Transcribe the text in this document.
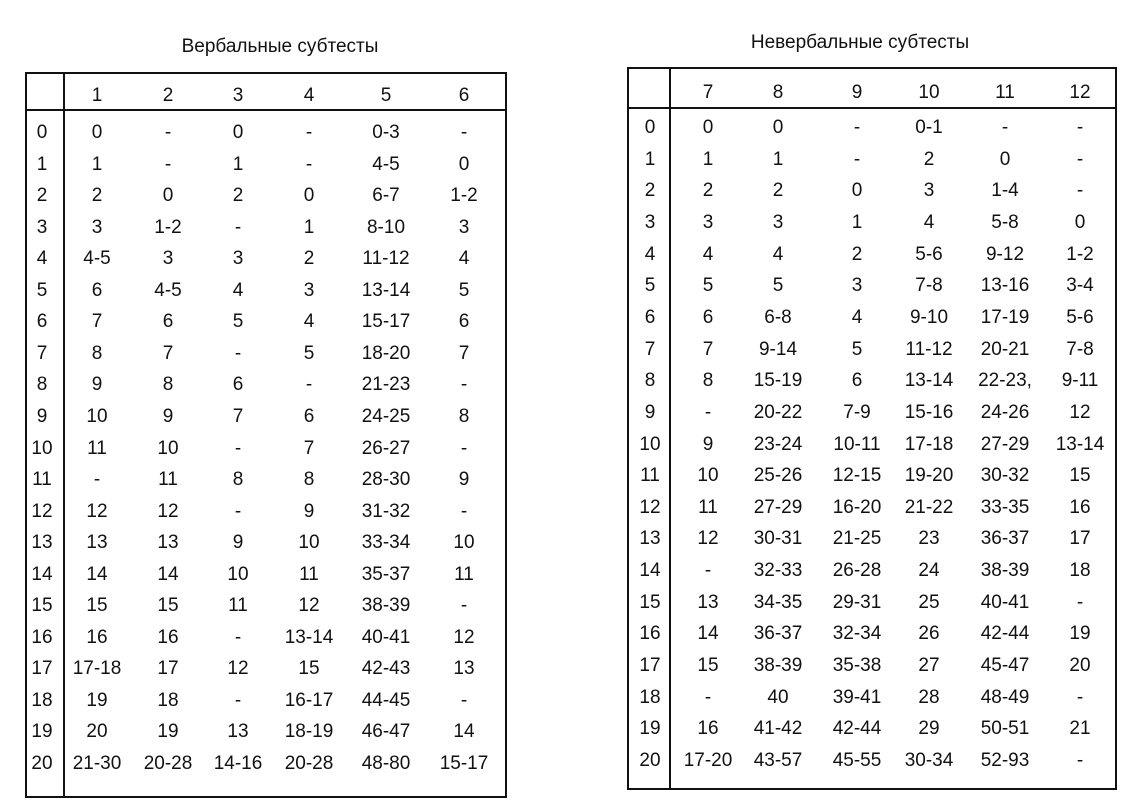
Вербальные субтесты	Невербальные субтесты
1	2	3	4	5	6
0 0	-	0	-	0-3	-
1 1	-	1	-	4-5	0
2 2	0	2	0	6-7	1-2
3 3	1-2	-	1	8-10	3
4 4-5	3	3	2	11-12	4
5 6	4-5	4	3 13-14	5
6 7	6	5	4 15-17	6
7 8	7	-	5 18-20	7
8 9	8	6	-	21-23	-
9 10	9	7	6 24-25	8
10 11	10	-	7 26-27	-
11 -	11	8	8 28-30	9
12 12	12	-	9 31-32	-
13 13	13	9	10 33-34 10
14 14	14	10	11 35-37 11
15 15	15	11	12 38-39	-
16 16	16	- 13-14 40-41 12
17 17-18 17	12	15 42-43 13
18 19	18	- 16-17 44-45	-
19 20	19	13 18-19 46-47 14
20 21-30 20-28 14-16 20-28 48-80 15-17
7	8	9	10	11	12
0 0	0	-	0-1	-	-
1 1	1	-	2	0	-
2 2	2	0	3	1-4	-
3 3	3	1	4	5-8	0
4 4	4	2	5-6 9-12 1-2
5 5	5	3	7-8 13-16 3-4
6 6	6-8	4	9-10 17-19 5-6
7 7 9-14	5 11-12 20-21 7-8
8 8 15-19	6 13-14 22-23, 9-11
9	- 20-22 7-9 15-16 24-26 12
10 9 23-24 10-11 17-18 27-29 13-14
11 10 25-26 12-15 19-20 30-32 15
12 11 27-29 16-20 21-22 33-35 16
13 12 30-31 21-25 23 36-37 17
14 - 32-33 26-28 24 38-39 18
15 13 34-35 29-31 25 40-41	-
16 14 36-37 32-34 26 42-44 19
17 15 38-39 35-38 27 45-47 20
18 -	40 39-41 28 48-49	-
19 16 41-42 42-44 29 50-51 21
20 17-20 43-57 45-55 30-34 52-93	-
